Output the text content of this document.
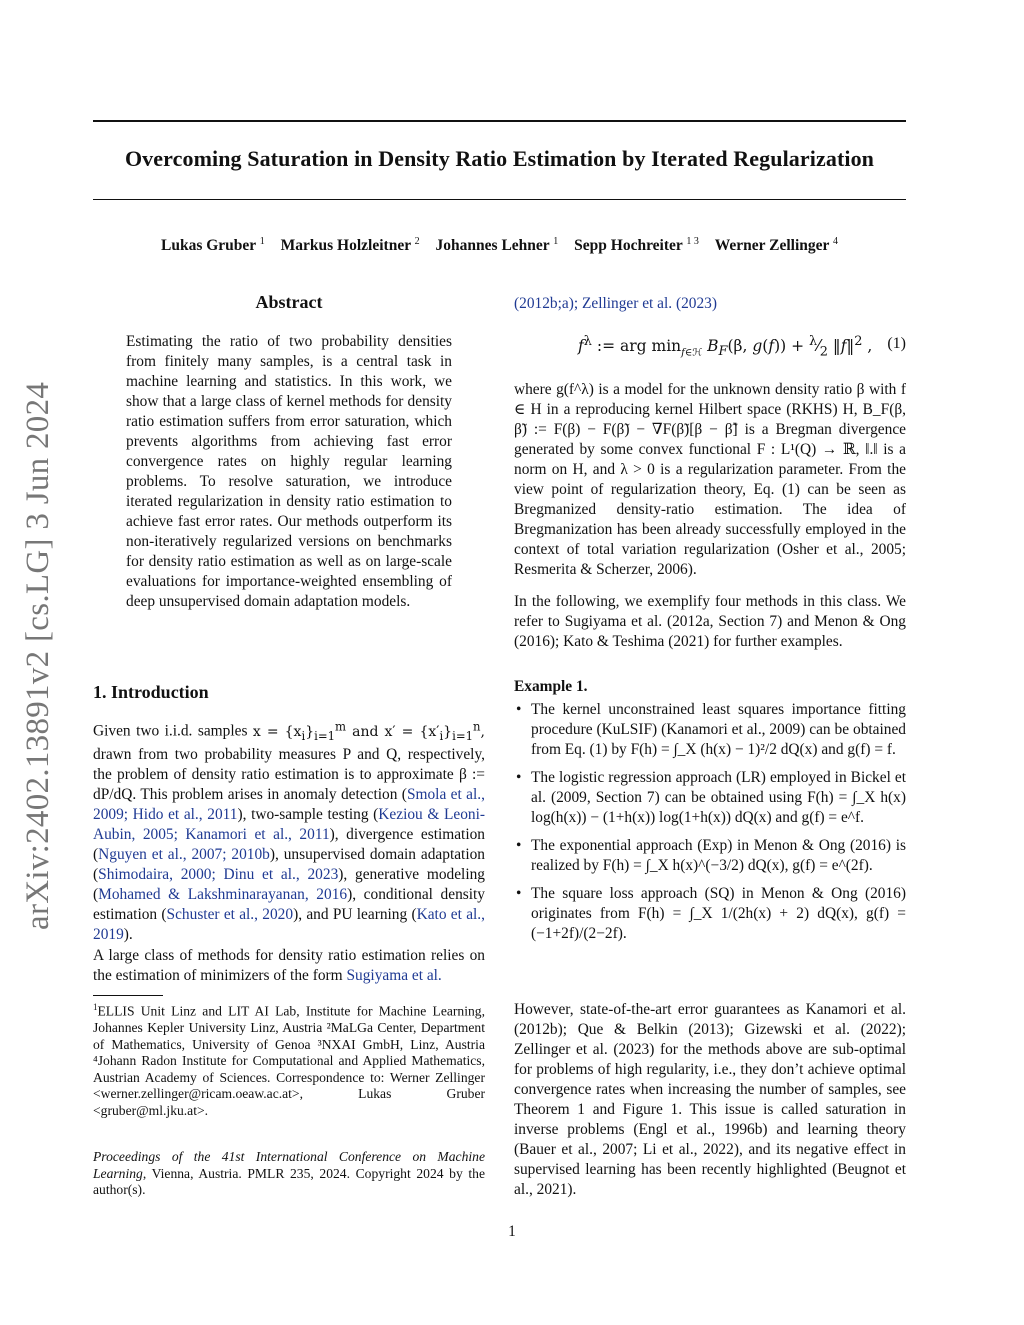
Overcoming Saturation in Density Ratio Estimation by Iterated Regularization
Lukas Gruber $^1$ Markus Holzleitner $^2$ Johannes Lehner $^1$ Sepp Hochreiter $^{1 3}$ Werner Zellinger $^4$
arXiv:2402.13891v2 [cs.LG] 3 Jun 2024
Abstract
Estimating the ratio of two probability densities from finitely many samples, is a central task in machine learning and statistics. In this work, we show that a large class of kernel methods for density ratio estimation suffers from error saturation, which prevents algorithms from achieving fast error convergence rates on highly regular learning problems. To resolve saturation, we introduce iterated regularization in density ratio estimation to achieve fast error rates. Our methods outperform its non-iteratively regularized versions on benchmarks for density ratio estimation as well as on large-scale evaluations for importance-weighted ensembling of deep unsupervised domain adaptation models.
1. Introduction
Given two i.i.d. samples $x = \{x_i\}_{i=1}^m$ and $x' = \{x'_i\}_{i=1}^n$, drawn from two probability measures P and Q, respectively, the problem of density ratio estimation is to approximate β := dP/dQ. This problem arises in anomaly detection (Smola et al., 2009; Hido et al., 2011), two-sample testing (Keziou & Leoni-Aubin, 2005; Kanamori et al., 2011), divergence estimation (Nguyen et al., 2007; 2010b), unsupervised domain adaptation (Shimodaira, 2000; Dinu et al., 2023), generative modeling (Mohamed & Lakshminarayanan, 2016), conditional density estimation (Schuster et al., 2020), and PU learning (Kato et al., 2019).
A large class of methods for density ratio estimation relies on the estimation of minimizers of the form Sugiyama et al.
$^1$ELLIS Unit Linz and LIT AI Lab, Institute for Machine Learning, Johannes Kepler University Linz, Austria ²MaLGa Center, Department of Mathematics, University of Genoa ³NXAI GmbH, Linz, Austria ⁴Johann Radon Institute for Computational and Applied Mathematics, Austrian Academy of Sciences. Correspondence to: Werner Zellinger <werner.zellinger@ricam.oeaw.ac.at>, Lukas Gruber <gruber@ml.jku.at>.
Proceedings of the 41st International Conference on Machine Learning, Vienna, Austria. PMLR 235, 2024. Copyright 2024 by the author(s).
(2012b;a); Zellinger et al. (2023)
$f^\lambda$ := arg $\min_{f\in ℋ} B_F(\beta$, $g(f)) + ^\lambda⁄_2$ ‖f‖$^2$ , (1)
where g(f^λ) is a model for the unknown density ratio β with f ∈ H in a reproducing kernel Hilbert space (RKHS) H, B_F(β, β̃) := F(β) − F(β̃) − ∇F(β̃)[β − β̃] is a Bregman divergence generated by some convex functional F : L¹(Q) → ℝ, ‖.‖ is a norm on H, and λ > 0 is a regularization parameter. From the view point of regularization theory, Eq. (1) can be seen as Bregmanized density-ratio estimation. The idea of Bregmanization has been already successfully employed in the context of total variation regularization (Osher et al., 2005; Resmerita & Scherzer, 2006).
In the following, we exemplify four methods in this class. We refer to Sugiyama et al. (2012a, Section 7) and Menon & Ong (2016); Kato & Teshima (2021) for further examples.
Example 1.
• The kernel unconstrained least squares importance fitting procedure (KuLSIF) (Kanamori et al., 2009) can be obtained from Eq. (1) by F(h) = ∫_X (h(x) − 1)²/2 dQ(x) and g(f) = f.
• The logistic regression approach (LR) employed in Bickel et al. (2009, Section 7) can be obtained using F(h) = ∫_X h(x) log(h(x)) − (1+h(x)) log(1+h(x)) dQ(x) and g(f) = e^f.
• The exponential approach (Exp) in Menon & Ong (2016) is realized by F(h) = ∫_X h(x)^(−3/2) dQ(x), g(f) = e^(2f).
• The square loss approach (SQ) in Menon & Ong (2016) originates from F(h) = ∫_X 1/(2h(x) + 2) dQ(x), g(f) = (−1+2f)/(2−2f).
However, state-of-the-art error guarantees as Kanamori et al. (2012b); Que & Belkin (2013); Gizewski et al. (2022); Zellinger et al. (2023) for the methods above are sub-optimal for problems of high regularity, i.e., they don’t achieve optimal convergence rates when increasing the number of samples, see Theorem 1 and Figure 1. This issue is called saturation in inverse problems (Engl et al., 1996b) and learning theory (Bauer et al., 2007; Li et al., 2022), and its negative effect in supervised learning has been recently highlighted (Beugnot et al., 2021).
1
